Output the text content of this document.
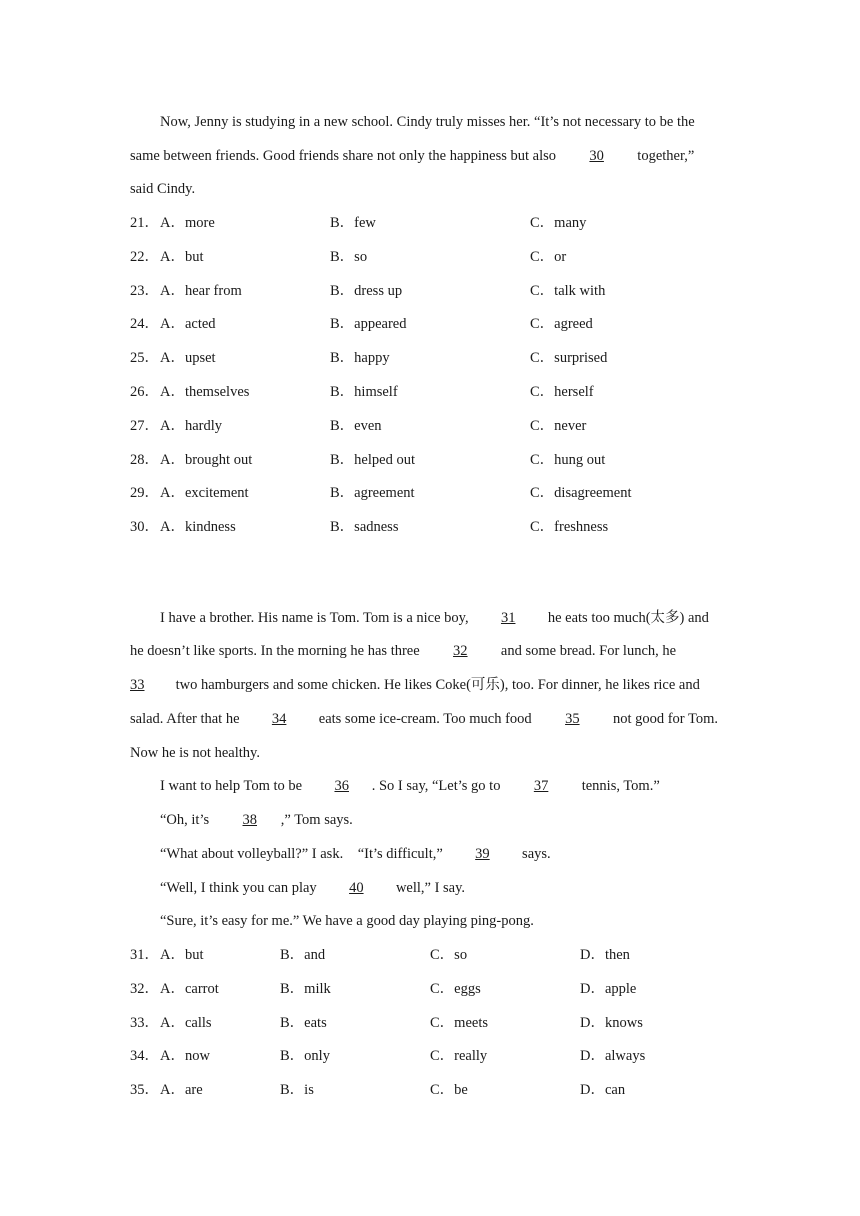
Now, Jenny is studying in a new school. Cindy truly misses her. “It’s not necessary to be the
same between friends. Good friends share not only the happiness but also 30 together,”
said Cindy.
21． A．more	B．few	C．many
22． A．but	B．so	C．or
23． A．hear from	B．dress up	C．talk with
24． A．acted	B．appeared	C．agreed
25． A．upset	B．happy	C．surprised
26． A．themselves	B．himself	C．herself
27． A．hardly	B．even	C．never
28． A．brought out	B．helped out	C．hung out
29． A．excitement	B．agreement	C．disagreement
30． A．kindness	B．sadness	C．freshness
I have a brother. His name is Tom. Tom is a nice boy, 31 he eats too much(太多) and
he doesn’t like sports. In the morning he has three 32 and some bread. For lunch, he
33 two hamburgers and some chicken. He likes Coke(可乐), too. For dinner, he likes rice and
salad. After that he 34 eats some ice-cream. Too much food 35 not good for Tom.
Now he is not healthy.
I want to help Tom to be 36 . So I say, “Let’s go to 37 tennis, Tom.”
“Oh, it’s 38 ,” Tom says.
“What about volleyball?” I ask.　“It’s difficult,” 39 says.
“Well, I think you can play 40 well,” I say.
“Sure, it’s easy for me.” We have a good day playing ping-pong.
31． A．but	B．and	C．so	D．then
32． A．carrot	B．milk	C．eggs	D．apple
33． A．calls	B．eats	C．meets	D．knows
34． A．now	B．only	C．really	D．always
35． A．are	B．is	C．be	D．can
